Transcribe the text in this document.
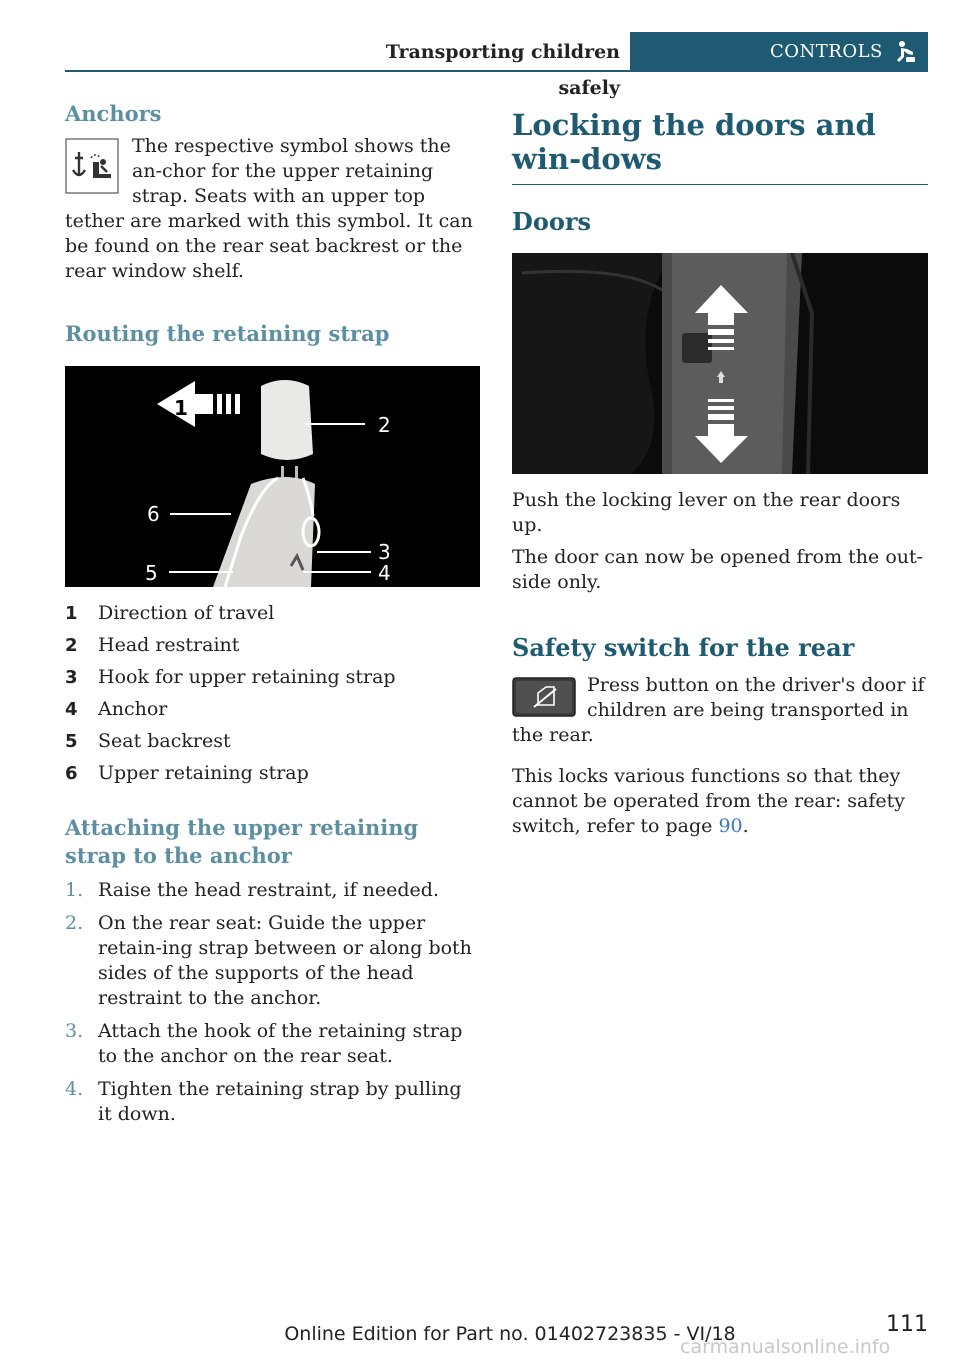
Transporting children safely
CONTROLS
Anchors

The respective symbol shows the an-chor for the upper retaining strap. Seats with an upper top tether are marked with this symbol. It can be found on the rear seat backrest or the rear window shelf.

Routing the retaining strap
1
2
6
3
4
5
1 Direction of travel
2 Head restraint
3 Hook for upper retaining strap
4 Anchor
5 Seat backrest
6 Upper retaining strap
Attaching the upper retaining strap to the anchor
1. Raise the head restraint, if needed.
2. On the rear seat: Guide the upper retain-ing strap between or along both sides of the supports of the head restraint to the anchor.
3. Attach the hook of the retaining strap to the anchor on the rear seat.
4. Tighten the retaining strap by pulling it down.
Locking the doors and win-dows
Doors

Push the locking lever on the rear doors up.

The door can now be opened from the out-side only.

Safety switch for the rear

Press button on the driver's door if children are being transported in the rear.

This locks various functions so that they cannot be operated from the rear: safety switch, refer to page 90.

Online Edition for Part no. 01402723835 - VI/18	111
carmanualsonline.info
